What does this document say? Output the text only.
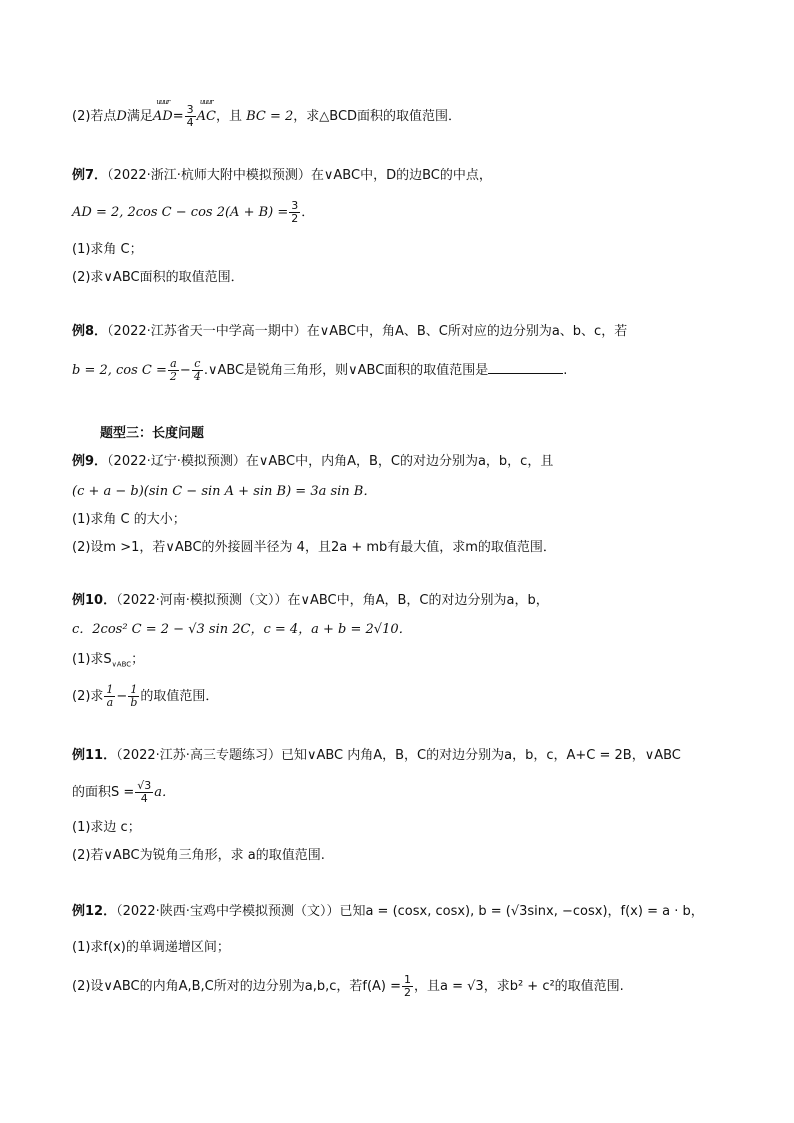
(2)若点D满足
uuur
$AD= \frac{3}{4}$
uuur
AC，且 BC = 2，求△BCD面积的取值范围．
例7．（2022·浙江·杭师大附中模拟预测）在∨ABC中，D的边BC的中点，
AD = 2, 2cos $C - \cos 2(A + B) = \frac{3}{2}$ ．
(1)求角 C；
(2)求∨ABC面积的取值范围．
例8．（2022·江苏省天一中学高一期中）在∨ABC中，角A、B、C所对应的边分别为a、b、c，若
b = 2, $\cos C = \frac{a}{2} - \frac{c}{4}$ .∨ABC是锐角三角形，则∨ABC面积的取值范围是	.
题型三：长度问题
例9．（2022·辽宁·模拟预测）在∨ABC中，内角A，B，C的对边分别为a，b，c，且
(c + a − b)(sin C − sin A + sin B) = 3a sin B．
(1)求角 C 的大小；
(2)设m >1，若∨ABC的外接圆半径为 4，且2a + mb有最大值，求m的取值范围．
例10．（2022·河南·模拟预测（文））在∨ABC中，角A，B，C的对边分别为a，b，
c．2cos² C = 2 − √3 sin 2C，c = 4，a + b = 2√10．
(1)求$S_{\vee ABC}$；
(2)求 $\frac{1}{a} - \frac{1}{b}$ 的取值范围．
例11．（2022·江苏·高三专题练习）已知∨ABC 内角A，B，C的对边分别为a，b，c，A+C = 2B，∨ABC
的面积$S = \frac{√3}{4}$ a．
(1)求边 c；
(2)若∨ABC为锐角三角形，求 a的取值范围.
例12．（2022·陕西·宝鸡中学模拟预测（文））已知a = (cosx, cosx), b = (√3sinx, −cosx)，f(x) = a · b，
(1)求f(x)的单调递增区间；
(2)设∨ABC的内角A,B,C所对的边分别为a,b,c，若$f(A) = \frac{1}{2}$ ，且a = √3，求b² + c²的取值范围.
